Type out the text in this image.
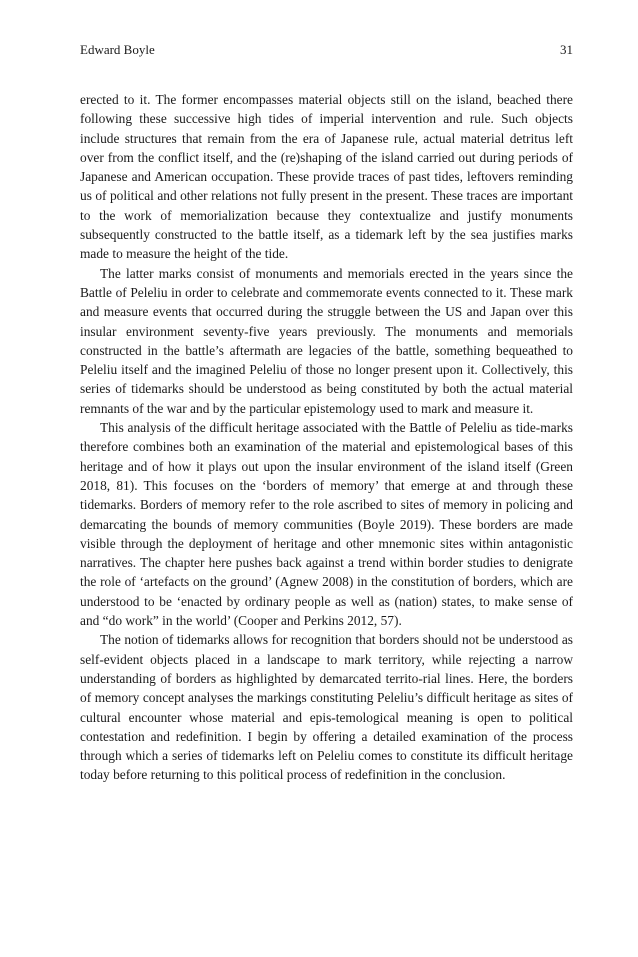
Edward Boyle	31

erected to it. The former encompasses material objects still on the island, beached there following these successive high tides of imperial intervention and rule. Such objects include structures that remain from the era of Japanese rule, actual material detritus left over from the conflict itself, and the (re)shaping of the island carried out during periods of Japanese and American occupation. These provide traces of past tides, leftovers reminding us of political and other relations not fully present in the present. These traces are important to the work of memorialization because they contextualize and justify monuments subsequently constructed to the battle itself, as a tidemark left by the sea justifies marks made to measure the height of the tide.

The latter marks consist of monuments and memorials erected in the years since the Battle of Peleliu in order to celebrate and commemorate events connected to it. These mark and measure events that occurred during the struggle between the US and Japan over this insular environment seventy-five years previously. The monuments and memorials constructed in the battle’s aftermath are legacies of the battle, something bequeathed to Peleliu itself and the imagined Peleliu of those no longer present upon it. Collectively, this series of tidemarks should be understood as being constituted by both the actual material remnants of the war and by the particular epistemology used to mark and measure it.

This analysis of the difficult heritage associated with the Battle of Peleliu as tide-marks therefore combines both an examination of the material and epistemological bases of this heritage and of how it plays out upon the insular environment of the island itself (Green 2018, 81). This focuses on the ‘borders of memory’ that emerge at and through these tidemarks. Borders of memory refer to the role ascribed to sites of memory in policing and demarcating the bounds of memory communities (Boyle 2019). These borders are made visible through the deployment of heritage and other mnemonic sites within antagonistic narratives. The chapter here pushes back against a trend within border studies to denigrate the role of ‘artefacts on the ground’ (Agnew 2008) in the constitution of borders, which are understood to be ‘enacted by ordinary people as well as (nation) states, to make sense of and “do work” in the world’ (Cooper and Perkins 2012, 57).

The notion of tidemarks allows for recognition that borders should not be understood as self-evident objects placed in a landscape to mark territory, while rejecting a narrow understanding of borders as highlighted by demarcated territo-rial lines. Here, the borders of memory concept analyses the markings constituting Peleliu’s difficult heritage as sites of cultural encounter whose material and epis-temological meaning is open to political contestation and redefinition. I begin by offering a detailed examination of the process through which a series of tidemarks left on Peleliu comes to constitute its difficult heritage today before returning to this political process of redefinition in the conclusion.
